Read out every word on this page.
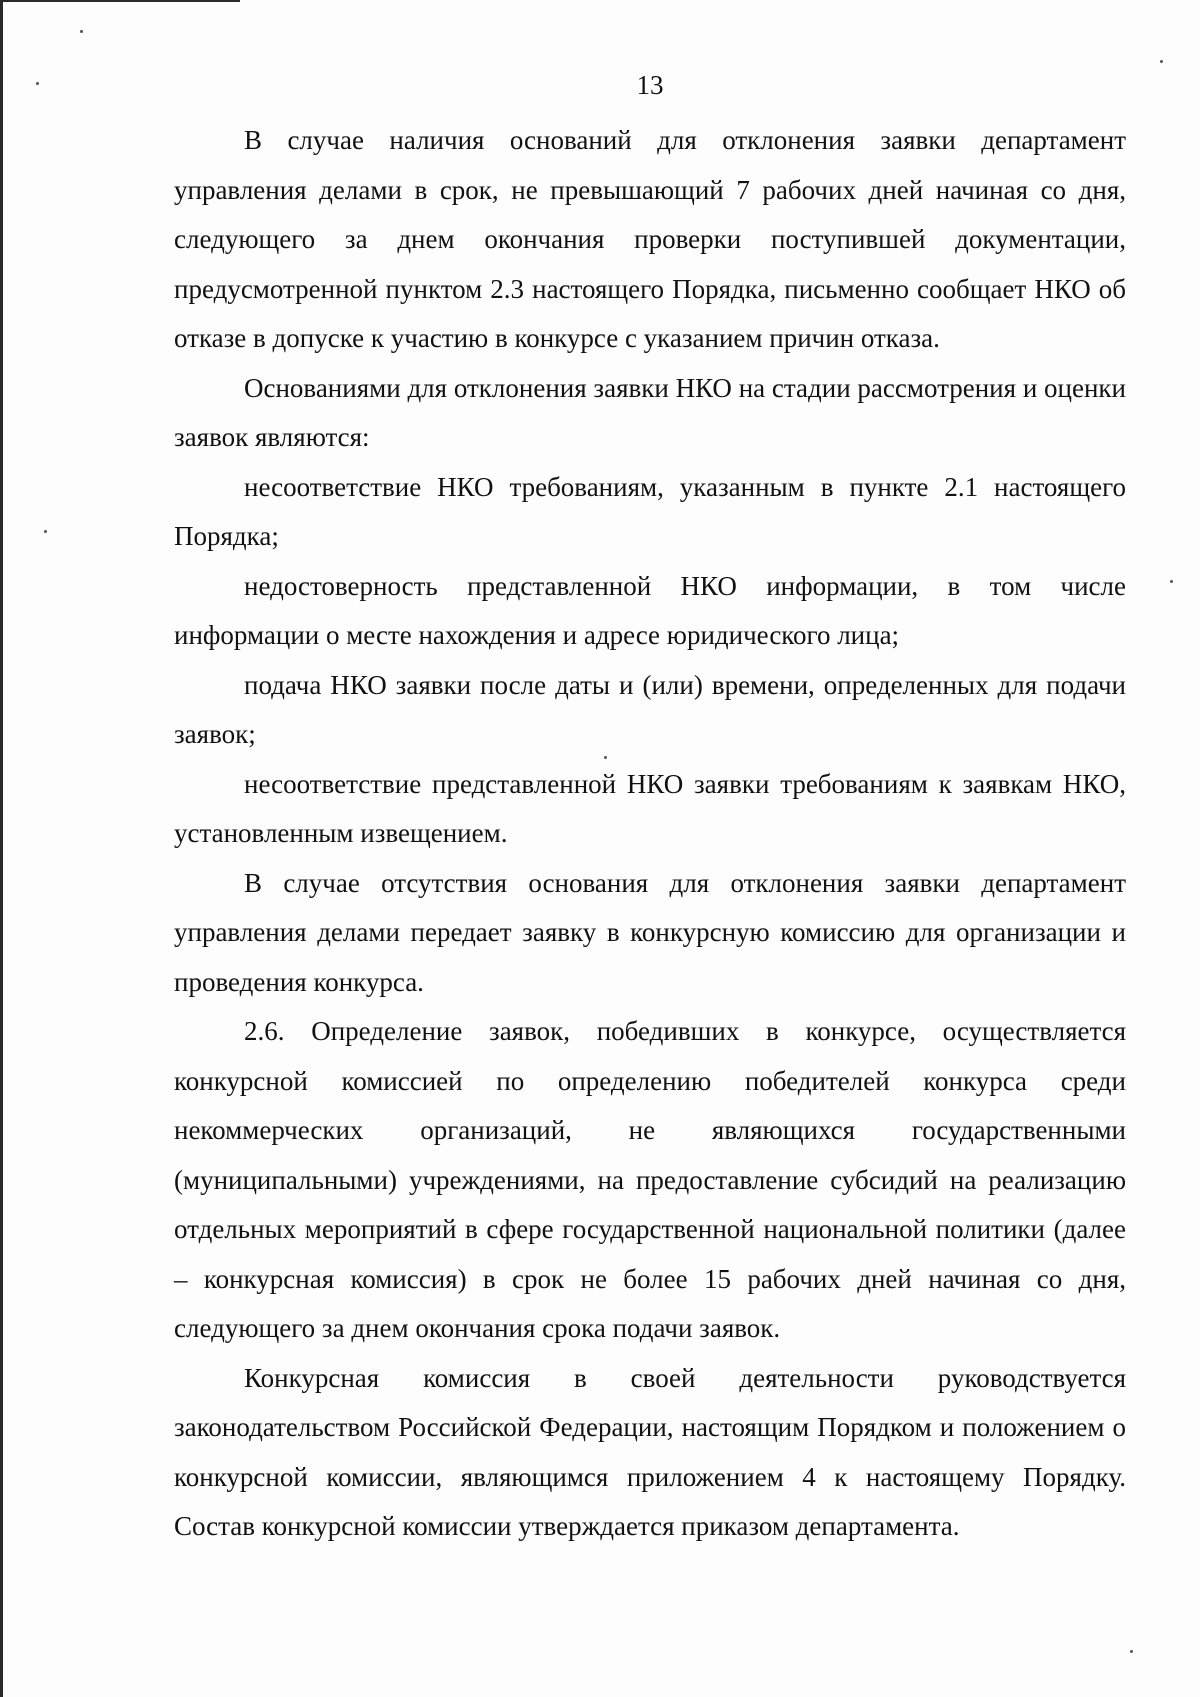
13

В случае наличия оснований для отклонения заявки департамент управления делами в срок, не превышающий 7 рабочих дней начиная со дня, следующего за днем окончания проверки поступившей документации, предусмотренной пунктом 2.3 настоящего Порядка, письменно сообщает НКО об отказе в допуске к участию в конкурсе с указанием причин отказа.

Основаниями для отклонения заявки НКО на стадии рассмотрения и оценки заявок являются:

несоответствие НКО требованиям, указанным в пункте 2.1 настоящего Порядка;

недостоверность представленной НКО информации, в том числе информации о месте нахождения и адресе юридического лица;

подача НКО заявки после даты и (или) времени, определенных для подачи заявок;

несоответствие представленной НКО заявки требованиям к заявкам НКО, установленным извещением.

В случае отсутствия основания для отклонения заявки департамент управления делами передает заявку в конкурсную комиссию для организации и проведения конкурса.

2.6. Определение заявок, победивших в конкурсе, осуществляется конкурсной комиссией по определению победителей конкурса среди некоммерческих организаций, не являющихся государственными (муниципальными) учреждениями, на предоставление субсидий на реализацию отдельных мероприятий в сфере государственной национальной политики (далее – конкурсная комиссия) в срок не более 15 рабочих дней начиная со дня, следующего за днем окончания срока подачи заявок.

Конкурсная комиссия в своей деятельности руководствуется законодательством Российской Федерации, настоящим Порядком и положением о конкурсной комиссии, являющимся приложением 4 к настоящему Порядку. Состав конкурсной комиссии утверждается приказом департамента.
